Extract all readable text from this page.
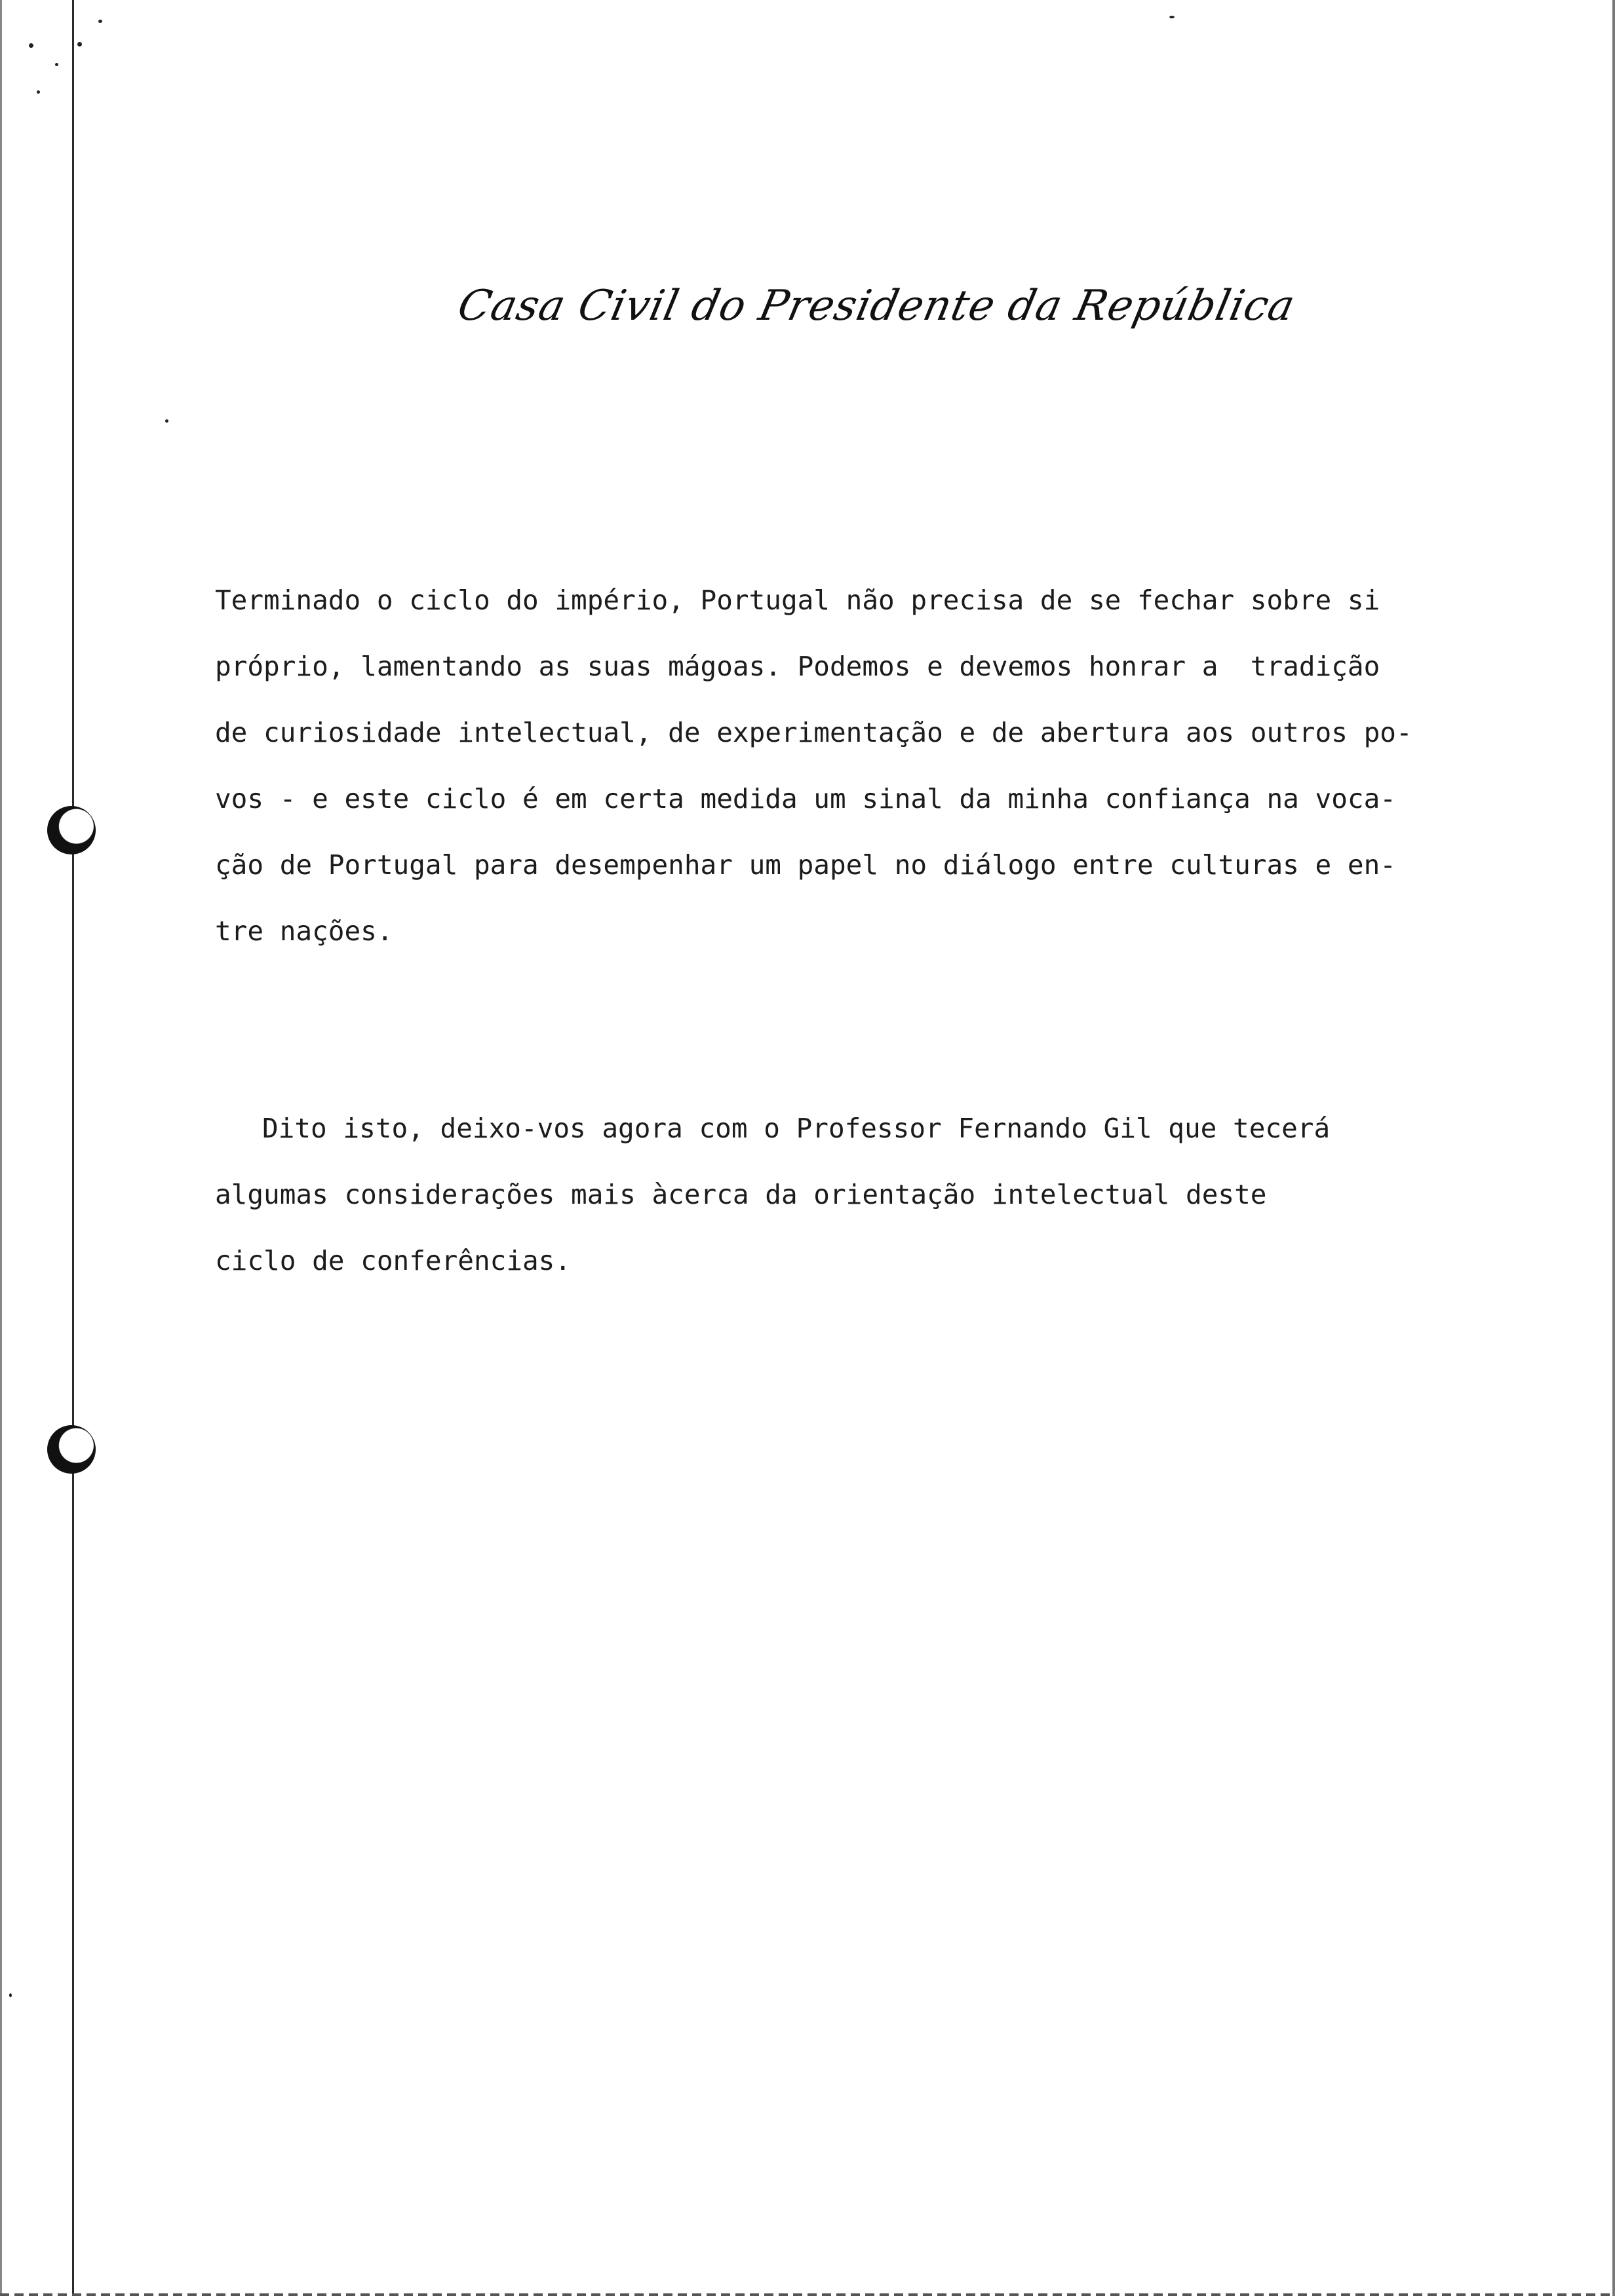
Casa Civil do Presidente da República
Terminado o ciclo do império, Portugal não precisa de se fechar sobre si
próprio, lamentando as suas mágoas. Podemos e devemos honrar a  tradição
de curiosidade intelectual, de experimentação e de abertura aos outros po-
vos - e este ciclo é em certa medida um sinal da minha confiança na voca-
ção de Portugal para desempenhar um papel no diálogo entre culturas e en-
tre nações.
Dito isto, deixo-vos agora com o Professor Fernando Gil que tecerá
algumas considerações mais àcerca da orientação intelectual deste
ciclo de conferências.
